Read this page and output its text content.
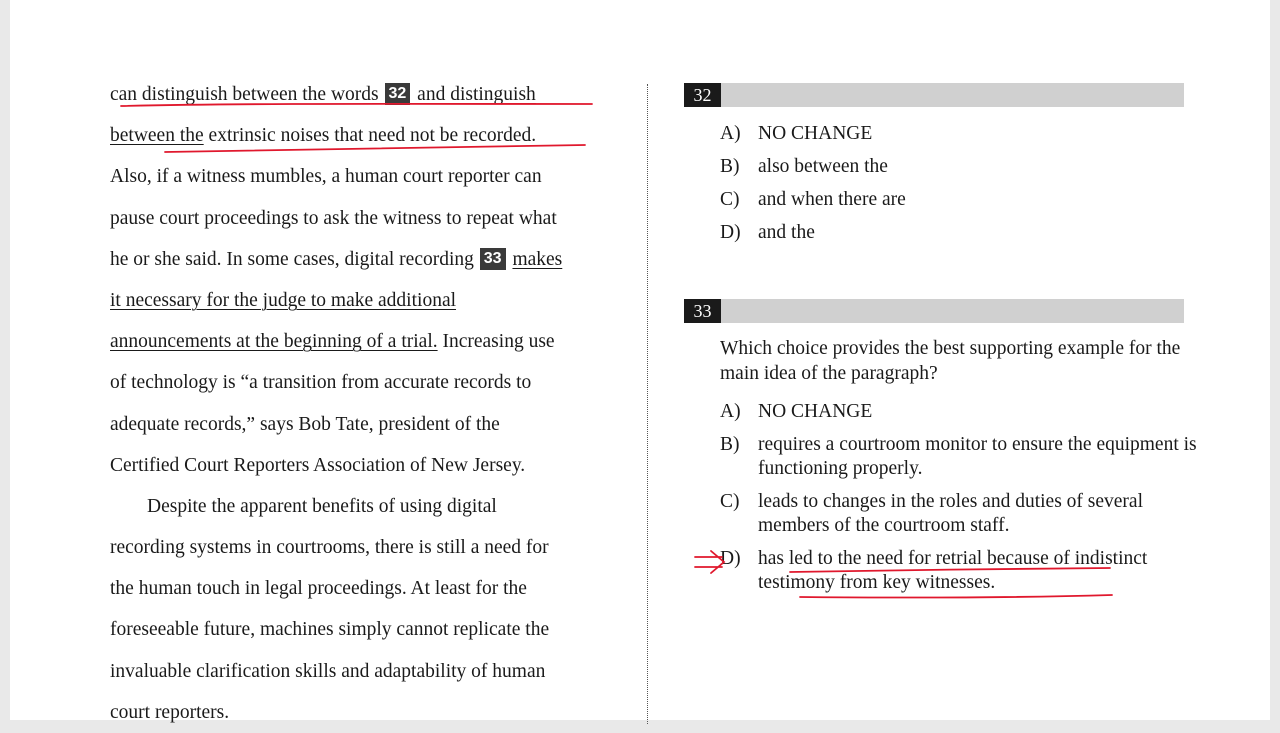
can distinguish between the words 32 and distinguish
between the extrinsic noises that need not be recorded.
Also, if a witness mumbles, a human court reporter can
pause court proceedings to ask the witness to repeat what
he or she said. In some cases, digital recording 33 makes
it necessary for the judge to make additional
announcements at the beginning of a trial. Increasing use
of technology is “a transition from accurate records to
adequate records,” says Bob Tate, president of the
Certified Court Reporters Association of New Jersey.
Despite the apparent benefits of using digital
recording systems in courtrooms, there is still a need for
the human touch in legal proceedings. At least for the
foreseeable future, machines simply cannot replicate the
invaluable clarification skills and adaptability of human
court reporters.
32
A) NO CHANGE
B) also between the
C) and when there are
D) and the
33
Which choice provides the best supporting example for the main idea of the paragraph?
A) NO CHANGE
B) requires a courtroom monitor to ensure the equipment is functioning properly.
C) leads to changes in the roles and duties of several members of the courtroom staff.
D) has led to the need for retrial because of indistinct testimony from key witnesses.
